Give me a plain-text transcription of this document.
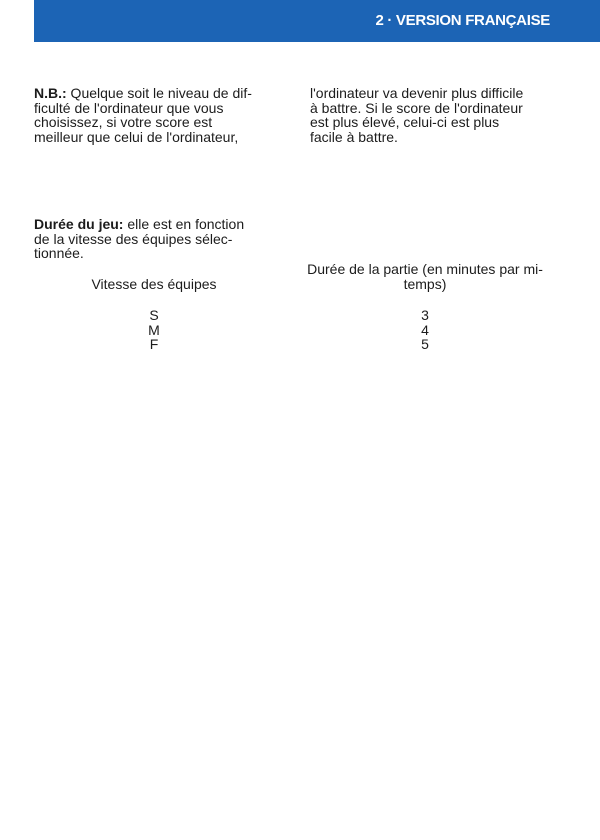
2 · VERSION FRANÇAISE

N.B.: Quelque soit le niveau de dif-
ficulté de l'ordinateur que vous
choisissez, si votre score est
meilleur que celui de l'ordinateur,

l'ordinateur va devenir plus difficile
à battre. Si le score de l'ordinateur
est plus élevé, celui-ci est plus
facile à battre.

Durée du jeu: elle est en fonction
de la vitesse des équipes sélec-
tionnée.

Vitesse des équipes
Durée de la partie (en minutes par mi-temps)
S
M
F
3
4
5
